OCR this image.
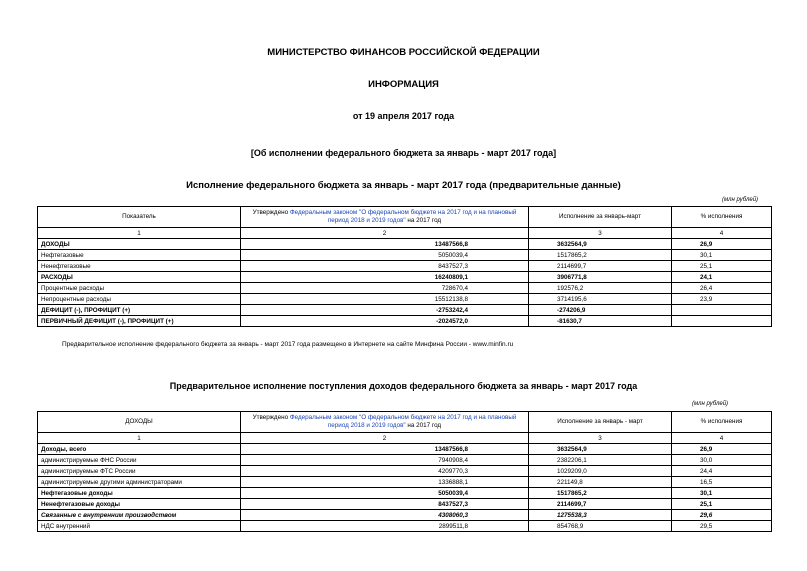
МИНИСТЕРСТВО ФИНАНСОВ РОССИЙСКОЙ ФЕДЕРАЦИИ
ИНФОРМАЦИЯ
от 19 апреля 2017 года
[Об исполнении федерального бюджета за январь - март 2017 года]
Исполнение федерального бюджета за январь - март 2017 года (предварительные данные)
(млн рублей)
Показатель	Утверждено Федеральным законом "О федеральном бюджете на 2017 год и на плановый период 2018 и 2019 годов" на 2017 год	Исполнение за январь-март	% исполнения
1	2	3	4
ДОХОДЫ	13487566,8	3632564,9	26,9
Нефтегазовые	5050039,4	1517865,2	30,1
Ненефтегазовые	8437527,3	2114699,7	25,1
РАСХОДЫ	16240809,1	3906771,8	24,1
Процентные расходы	728670,4	192576,2	26,4
Непроцентные расходы	15512138,8	3714195,6	23,9
ДЕФИЦИТ (-), ПРОФИЦИТ (+)	-2753242,4	-274206,9	
ПЕРВИЧНЫЙ ДЕФИЦИТ (-), ПРОФИЦИТ (+)	-2024572,0	-81630,7	
Предварительное исполнение федерального бюджета за январь - март 2017 года размещено в Интернете на сайте Минфина России - www.minfin.ru
Предварительное исполнение поступления доходов федерального бюджета за январь - март 2017 года
(млн рублей)
ДОХОДЫ	Утверждено Федеральным законом "О федеральном бюджете на 2017 год и на плановый период 2018 и 2019 годов" на 2017 год	Исполнение за январь - март	% исполнения
1	2	3	4
Доходы, всего	13487566,8	3632564,9	26,9
администрируемые ФНС России	7940908,4	2382206,1	30,0
администрируемые ФТС России	4209770,3	1029209,0	24,4
администрируемые другими администраторами	1336888,1	221149,8	16,5
Нефтегазовые доходы	5050039,4	1517865,2	30,1
Ненефтегазовые доходы	8437527,3	2114699,7	25,1
Связанные с внутренним производством	4308060,3	1275538,3	29,6
НДС внутренний	2899511,8	854768,9	29,5
